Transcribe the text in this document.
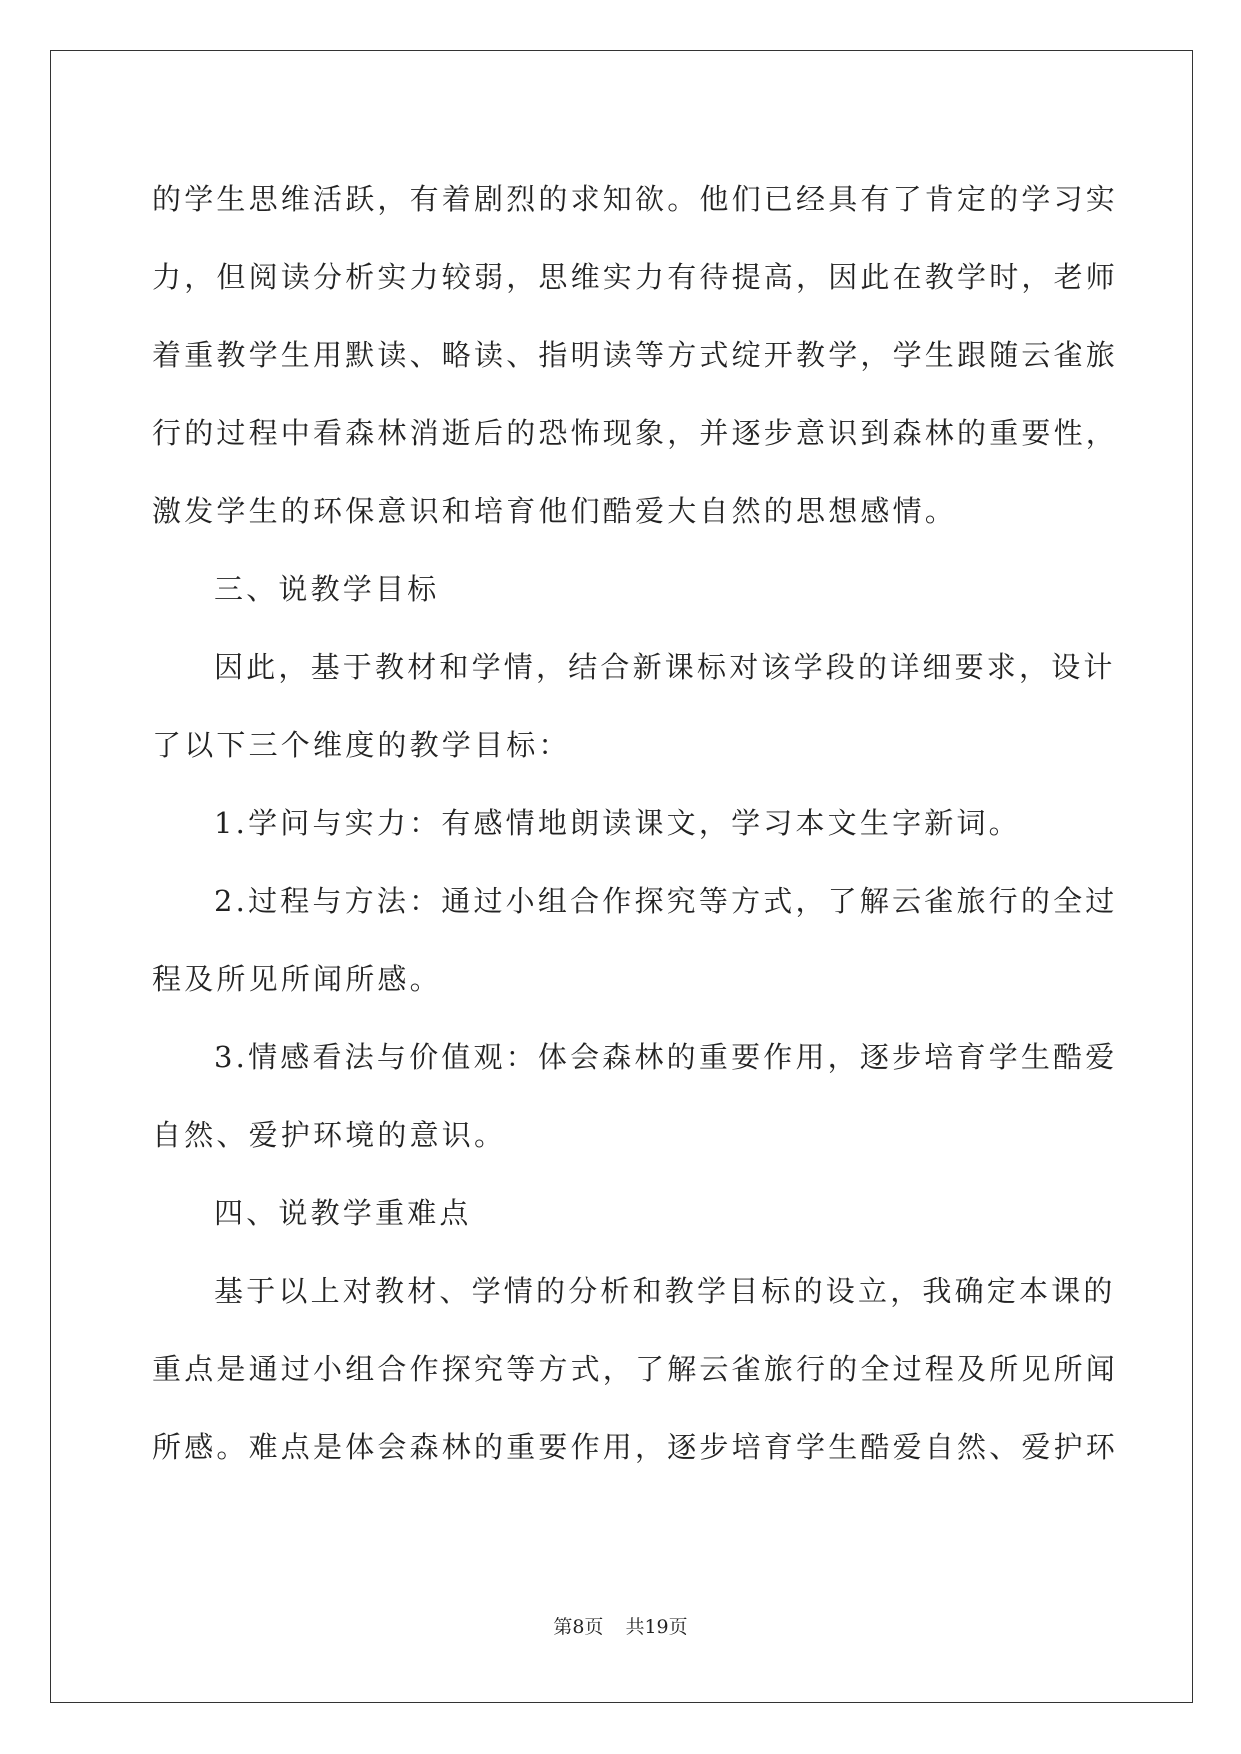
的学生思维活跃，有着剧烈的求知欲。他们已经具有了肯定的学习实
力，但阅读分析实力较弱，思维实力有待提高，因此在教学时，老师
着重教学生用默读、略读、指明读等方式绽开教学，学生跟随云雀旅
行的过程中看森林消逝后的恐怖现象，并逐步意识到森林的重要性，
激发学生的环保意识和培育他们酷爱大自然的思想感情。
三、说教学目标
因此，基于教材和学情，结合新课标对该学段的详细要求，设计
了以下三个维度的教学目标：
1.学问与实力：有感情地朗读课文，学习本文生字新词。
2.过程与方法：通过小组合作探究等方式，了解云雀旅行的全过
程及所见所闻所感。
3.情感看法与价值观：体会森林的重要作用，逐步培育学生酷爱
自然、爱护环境的意识。
四、说教学重难点
基于以上对教材、学情的分析和教学目标的设立，我确定本课的
重点是通过小组合作探究等方式，了解云雀旅行的全过程及所见所闻
所感。难点是体会森林的重要作用，逐步培育学生酷爱自然、爱护环
第8页 共19页
